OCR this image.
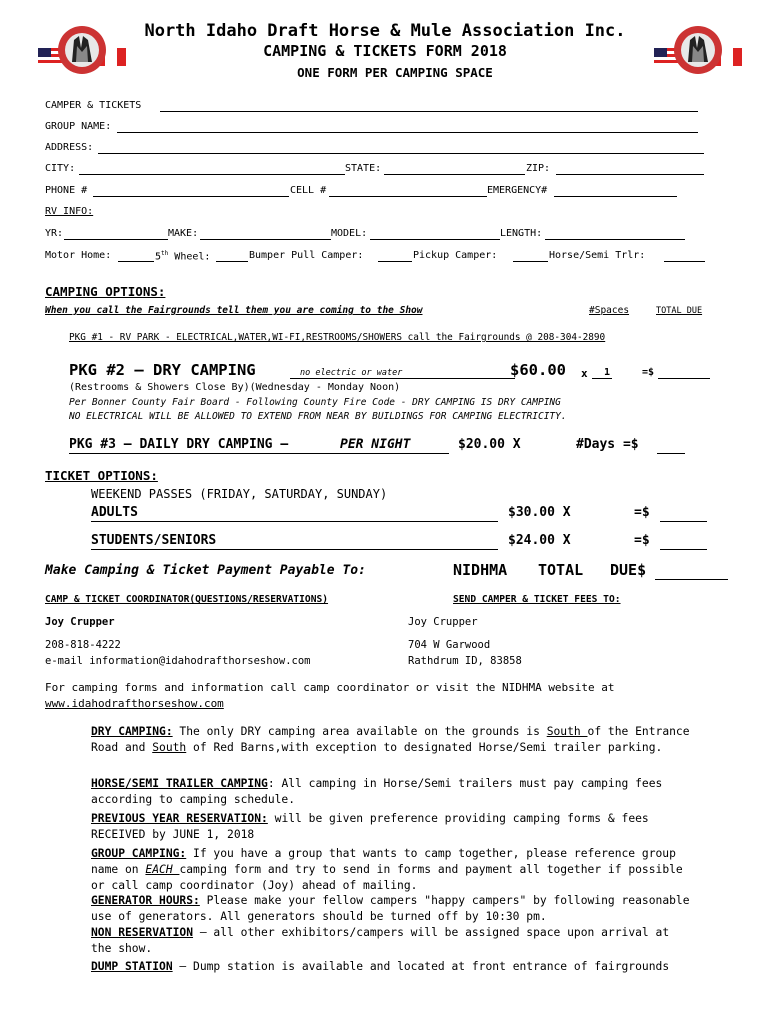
North Idaho Draft Horse & Mule Association Inc.
CAMPING & TICKETS FORM 2018
ONE FORM PER CAMPING SPACE
CAMPER & TICKETS
GROUP NAME:
ADDRESS:
CITY:	STATE:	ZIP:
PHONE #	CELL #	EMERGENCY#
RV INFO:
YR:	MAKE:	MODEL:	LENGTH:
Motor Home:	5th Wheel:	Bumper Pull Camper:	Pickup Camper:	Horse/Semi Trlr:
CAMPING OPTIONS:
When you call the Fairgrounds tell them you are coming to the Show	#Spaces	TOTAL DUE
PKG #1 - RV PARK - ELECTRICAL,WATER,WI-FI,RESTROOMS/SHOWERS call the Fairgrounds @ 208-304-2890
PKG #2 – DRY CAMPING	no electric or water	$60.00 x 1	=$
(Restrooms & Showers Close By)(Wednesday - Monday Noon)
Per Bonner County Fair Board - Following County Fire Code - DRY CAMPING IS DRY CAMPING
NO ELECTRICAL WILL BE ALLOWED TO EXTEND FROM NEAR BY BUILDINGS FOR CAMPING ELECTRICITY.
PKG #3 – DAILY DRY CAMPING –	PER NIGHT	$20.00 X	#Days =$
TICKET OPTIONS:
WEEKEND PASSES (FRIDAY, SATURDAY, SUNDAY)
ADULTS	$30.00 X	=$
STUDENTS/SENIORS	$24.00 X	=$
Make Camping & Ticket Payment Payable To:	NIDHMA TOTAL DUE$
CAMP & TICKET COORDINATOR(QUESTIONS/RESERVATIONS)	SEND CAMPER & TICKET FEES TO:
Joy Crupper	Joy Crupper
208-818-4222	704 W Garwood
e-mail information@idahodrafthorseshow.com	Rathdrum ID, 83858
For camping forms and information call camp coordinator or visit the NIDHMA website at
www.idahodrafthorseshow.com
DRY CAMPING: The only DRY camping area available on the grounds is South of the Entrance Road and South of Red Barns,with exception to designated Horse/Semi trailer parking.
HORSE/SEMI TRAILER CAMPING: All camping in Horse/Semi trailers must pay camping fees according to camping schedule.
PREVIOUS YEAR RESERVATION: will be given preference providing camping forms & fees RECEIVED by JUNE 1, 2018
GROUP CAMPING: If you have a group that wants to camp together, please reference group name on EACH camping form and try to send in forms and payment all together if possible or call camp coordinator (Joy) ahead of mailing.
GENERATOR HOURS: Please make your fellow campers "happy campers" by following reasonable use of generators. All generators should be turned off by 10:30 pm.
NON RESERVATION – all other exhibitors/campers will be assigned space upon arrival at the show.
DUMP STATION – Dump station is available and located at front entrance of fairgrounds
